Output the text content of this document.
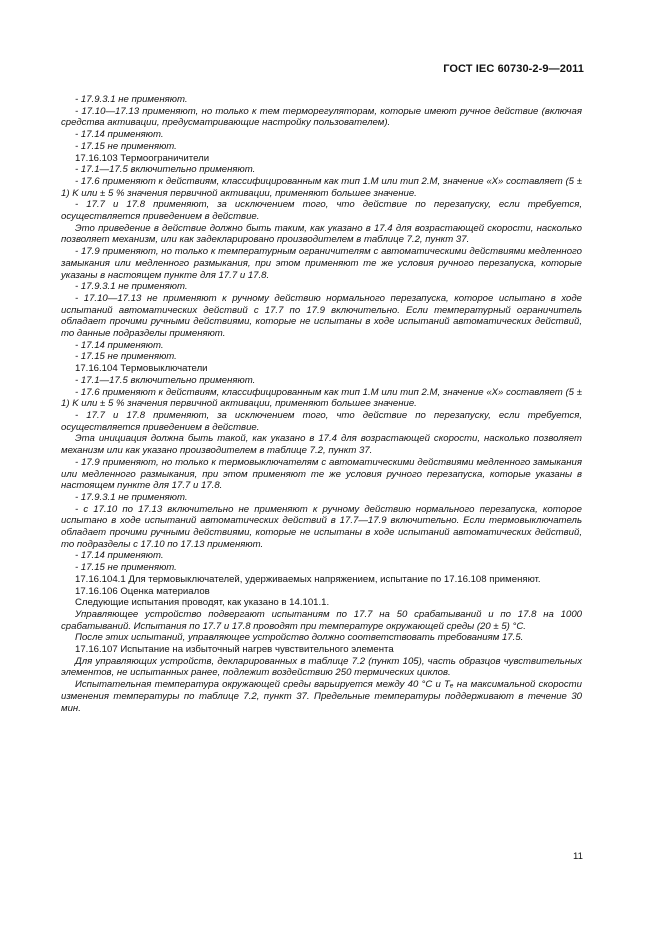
ГОСТ IEC 60730-2-9—2011

- 17.9.3.1 не применяют.

- 17.10—17.13 применяют, но только к тем терморегуляторам, которые имеют ручное действие (включая средства активации, предусматривающие настройку пользователем).

- 17.14 применяют.

- 17.15 не применяют.

17.16.103 Термоограничители

- 17.1—17.5 включительно применяют.

- 17.6 применяют к действиям, классифицированным как тип 1.M или тип 2.M, значение «X» составляет (5 ± 1) K или ± 5 % значения первичной активации, применяют большее значение.

- 17.7 и 17.8 применяют, за исключением того, что действие по перезапуску, если требуется, осуществляется приведением в действие.

Это приведение в действие должно быть таким, как указано в 17.4 для возрастающей скорости, насколько позволяет механизм, или как задекларировано производителем в таблице 7.2, пункт 37.

- 17.9 применяют, но только к температурным ограничителям с автоматическими действиями медленного замыкания или медленного размыкания, при этом применяют те же условия ручного перезапуска, которые указаны в настоящем пункте для 17.7 и 17.8.

- 17.9.3.1 не применяют.

- 17.10—17.13 не применяют к ручному действию нормального перезапуска, которое испытано в ходе испытаний автоматических действий с 17.7 по 17.9 включительно. Если температурный ограничитель обладает прочими ручными действиями, которые не испытаны в ходе испытаний автоматических действий, то данные подразделы применяют.

- 17.14 применяют.

- 17.15 не применяют.

17.16.104 Термовыключатели

- 17.1—17.5 включительно применяют.

- 17.6 применяют к действиям, классифицированным как тип 1.M или тип 2.M, значение «X» составляет (5 ± 1) K или ± 5 % значения первичной активации, применяют большее значение.

- 17.7 и 17.8 применяют, за исключением того, что действие по перезапуску, если требуется, осуществляется приведением в действие.

Эта инициация должна быть такой, как указано в 17.4 для возрастающей скорости, насколько позволяет механизм или как указано производителем в таблице 7.2, пункт 37.

- 17.9 применяют, но только к термовыключателям с автоматическими действиями медленного замыкания или медленного размыкания, при этом применяют те же условия ручного перезапуска, которые указаны в настоящем пункте для 17.7 и 17.8.

- 17.9.3.1 не применяют.

- с 17.10 по 17.13 включительно не применяют к ручному действию нормального перезапуска, которое испытано в ходе испытаний автоматических действий в 17.7—17.9 включительно. Если термовыключатель обладает прочими ручными действиями, которые не испытаны в ходе испытаний автоматических действий, то подразделы с 17.10 по 17.13 применяют.

- 17.14 применяют.

- 17.15 не применяют.

17.16.104.1 Для термовыключателей, удерживаемых напряжением, испытание по 17.16.108 применяют.

17.16.106 Оценка материалов

Следующие испытания проводят, как указано в 14.101.1.

Управляющее устройство подвергают испытаниям по 17.7 на 50 срабатываний и по 17.8 на 1000 срабатываний. Испытания по 17.7 и 17.8 проводят при температуре окружающей среды (20 ± 5) °C.

После этих испытаний, управляющее устройство должно соответствовать требованиям 17.5.

17.16.107 Испытание на избыточный нагрев чувствительного элемента

Для управляющих устройств, декларированных в таблице 7.2 (пункт 105), часть образцов чувствительных элементов, не испытанных ранее, подлежит воздействию 250 термических циклов.

Испытательная температура окружающей среды варьируется между 40 °C и Tₑ на максимальной скорости изменения температуры по таблице 7.2, пункт 37. Предельные температуры поддерживают в течение 30 мин.

11
